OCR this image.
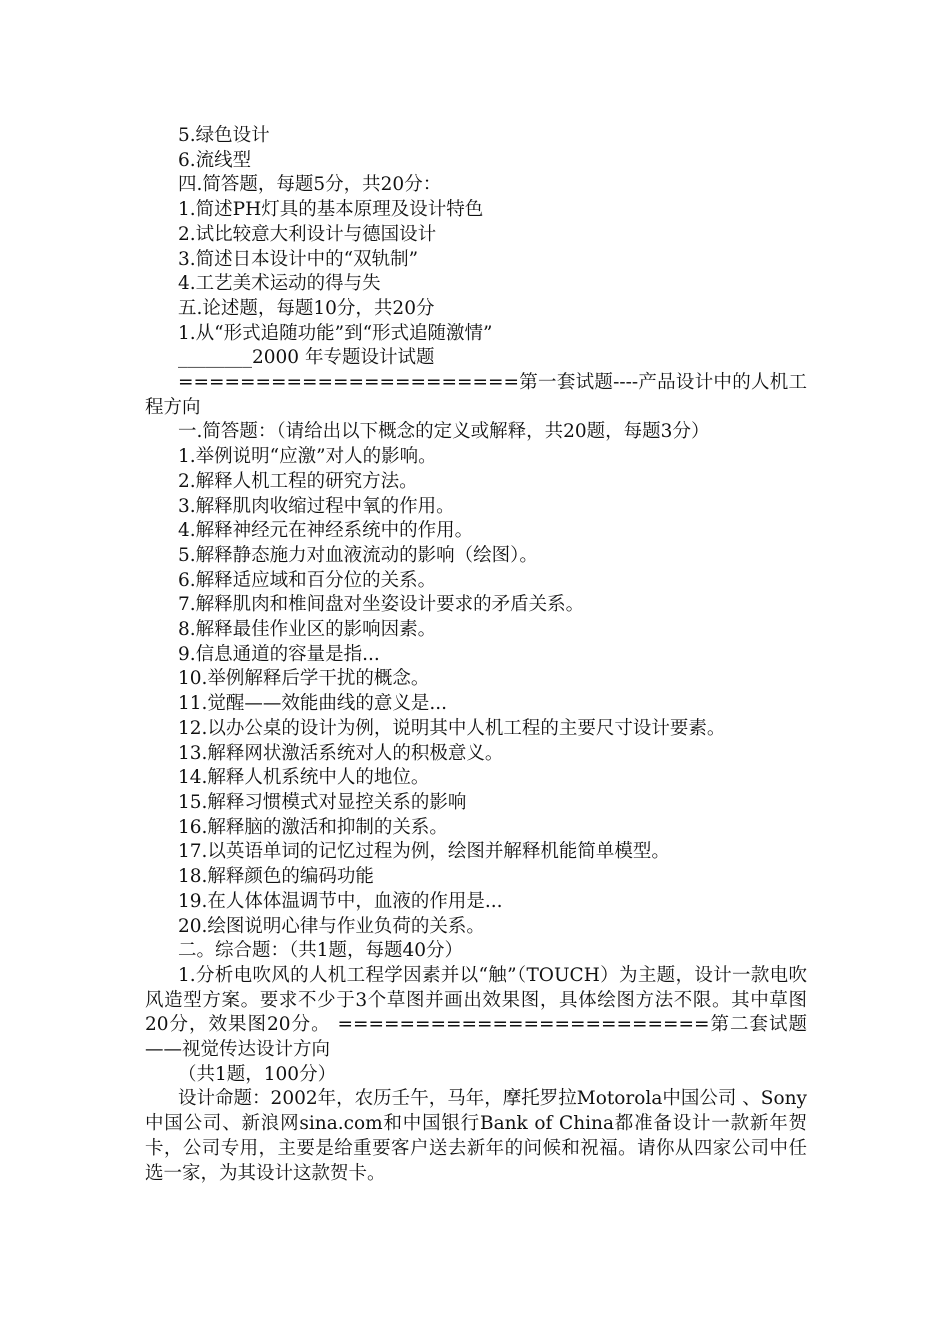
5.绿色设计
6.流线型
四.简答题，每题5分，共20分：
1.简述PH灯具的基本原理及设计特色
2.试比较意大利设计与德国设计
3.简述日本设计中的“双轨制”
4.工艺美术运动的得与失
五.论述题，每题10分，共20分
1.从“形式追随功能”到“形式追随激情”
________2000 年专题设计试题
======================第一套试题----产品设计中的人机工程方向
一.简答题：（请给出以下概念的定义或解释，共20题，每题3分）
1.举例说明“应激”对人的影响。
2.解释人机工程的研究方法。
3.解释肌肉收缩过程中氧的作用。
4.解释神经元在神经系统中的作用。
5.解释静态施力对血液流动的影响（绘图）。
6.解释适应域和百分位的关系。
7.解释肌肉和椎间盘对坐姿设计要求的矛盾关系。
8.解释最佳作业区的影响因素。
9.信息通道的容量是指...
10.举例解释后学干扰的概念。
11.觉醒——效能曲线的意义是...
12.以办公桌的设计为例，说明其中人机工程的主要尺寸设计要素。
13.解释网状激活系统对人的积极意义。
14.解释人机系统中人的地位。
15.解释习惯模式对显控关系的影响
16.解释脑的激活和抑制的关系。
17.以英语单词的记忆过程为例，绘图并解释机能简单模型。
18.解释颜色的编码功能
19.在人体体温调节中，血液的作用是...
20.绘图说明心律与作业负荷的关系。
二。综合题：（共1题，每题40分）
1.分析电吹风的人机工程学因素并以“触”（TOUCH）为主题，设计一款电吹风造型方案。要求不少于3个草图并画出效果图，具体绘图方法不限。其中草图20分，效果图20分。 ========================第二套试题——视觉传达设计方向
（共1题，100分）
设计命题：2002年，农历壬午，马年，摩托罗拉Motorola中国公司 、Sony中国公司、新浪网sina.com和中国银行Bank of China都准备设计一款新年贺卡，公司专用，主要是给重要客户送去新年的问候和祝福。请你从四家公司中任选一家，为其设计这款贺卡。
